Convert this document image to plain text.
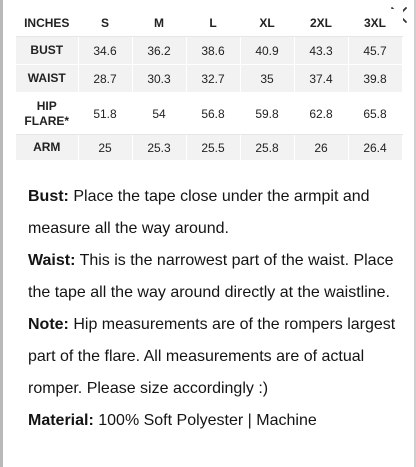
INCHES	S	M	L	XL	2XL	3XL
BUST	34.6	36.2	38.6	40.9	43.3	45.7
WAIST	28.7	30.3	32.7	35	37.4	39.8
HIP FLARE*	51.8	54	56.8	59.8	62.8	65.8
ARM	25	25.3	25.5	25.8	26	26.4

Bust: Place the tape close under the armpit and measure all the way around.

Waist: This is the narrowest part of the waist. Place the tape all the way around directly at the waistline.

Note: Hip measurements are of the rompers largest part of the flare. All measurements are of actual romper. Please size accordingly :)

Material: 100% Soft Polyester | Machine
